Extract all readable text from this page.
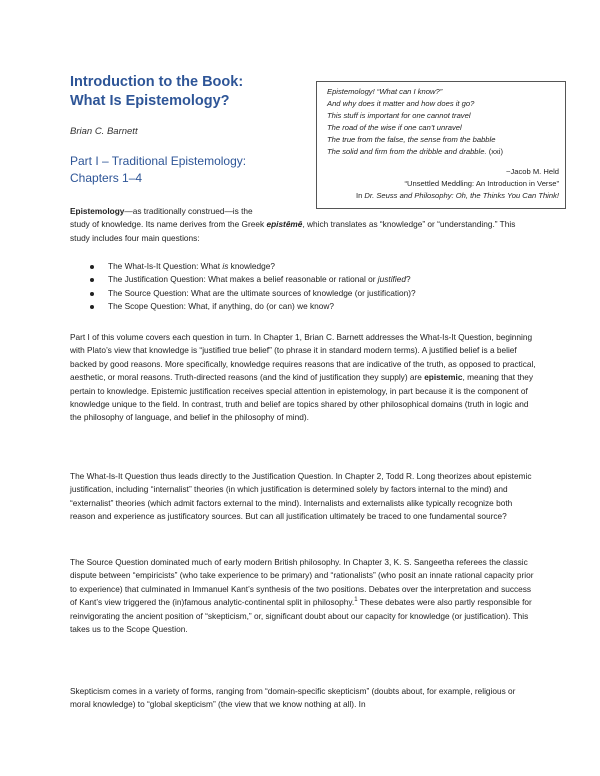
Introduction to the Book:
What Is Epistemology?
Brian C. Barnett
Part I – Traditional Epistemology: Chapters 1–4
Epistemology! “What can I know?”
And why does it matter and how does it go?
This stuff is important for one cannot travel
The road of the wise if one can’t unravel
The true from the false, the sense from the babble
The solid and firm from the dribble and drabble. (xxi)
~Jacob M. Held
“Unsettled Meddling: An Introduction in Verse”
In Dr. Seuss and Philosophy: Oh, the Thinks You Can Think!

Epistemology—as traditionally construed—is the
study of knowledge. Its name derives from the Greek epistêmê, which translates as “knowledge” or “understanding.” This study includes four main questions:

The What-Is-It Question: What is knowledge?
The Justification Question: What makes a belief reasonable or rational or justified?
The Source Question: What are the ultimate sources of knowledge (or justification)?
The Scope Question: What, if anything, do (or can) we know?

Part I of this volume covers each question in turn. In Chapter 1, Brian C. Barnett addresses the What-Is-It Question, beginning with Plato’s view that knowledge is “justified true belief” (to phrase it in standard modern terms). A justified belief is a belief backed by good reasons. More specifically, knowledge requires reasons that are indicative of the truth, as opposed to practical, aesthetic, or moral reasons. Truth-directed reasons (and the kind of justification they supply) are epistemic, meaning that they pertain to knowledge. Epistemic justification receives special attention in epistemology, in part because it is the component of knowledge unique to the field. In contrast, truth and belief are topics shared by other philosophical domains (truth in logic and the philosophy of language, and belief in the philosophy of mind).

The What-Is-It Question thus leads directly to the Justification Question. In Chapter 2, Todd R. Long theorizes about epistemic justification, including “internalist” theories (in which justification is determined solely by factors internal to the mind) and “externalist” theories (which admit factors external to the mind). Internalists and externalists alike typically recognize both reason and experience as justificatory sources. But can all justification ultimately be traced to one fundamental source?

The Source Question dominated much of early modern British philosophy. In Chapter 3, K. S. Sangeetha referees the classic dispute between “empiricists” (who take experience to be primary) and “rationalists” (who posit an innate rational capacity prior to experience) that culminated in Immanuel Kant’s synthesis of the two positions. Debates over the interpretation and success of Kant’s view triggered the (in)famous analytic-continental split in philosophy.$^1$ These debates were also partly responsible for reinvigorating the ancient position of “skepticism,” or, significant doubt about our capacity for knowledge (or justification). This takes us to the Scope Question.

Skepticism comes in a variety of forms, ranging from “domain-specific skepticism” (doubts about, for example, religious or moral knowledge) to “global skepticism” (the view that we know nothing at all). In
